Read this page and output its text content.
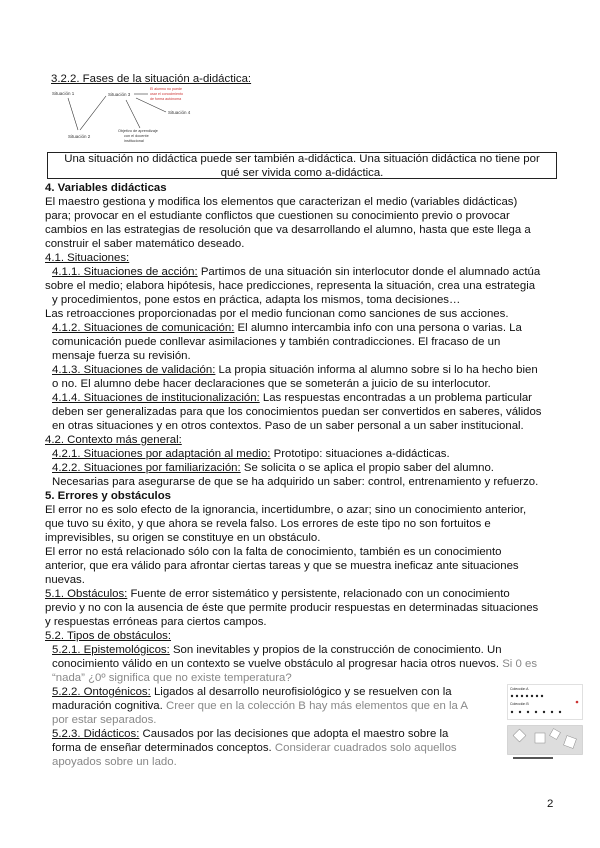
3.2.2. Fases de la situación a-didáctica:
Situación 1	Situación 3
Situación 2
Situación 4
El alumno no puede
usar el conocimiento
de forma autónoma
Objetivo de aprendizaje
con el docente
institucional
Una situación no didáctica puede ser también a-didáctica. Una situación didáctica no tiene por
qué ser vivida como a-didáctica.
4. Variables didácticas
El maestro gestiona y modifica los elementos que caracterizan el medio (variables didácticas)
para; provocar en el estudiante conflictos que cuestionen su conocimiento previo o provocar
cambios en las estrategias de resolución que va desarrollando el alumno, hasta que este llega a
construir el saber matemático deseado.
4.1. Situaciones:
4.1.1. Situaciones de acción: Partimos de una situación sin interlocutor donde el alumnado actúa
sobre el medio; elabora hipótesis, hace predicciones, representa la situación, crea una estrategia
y procedimientos, pone estos en práctica, adapta los mismos, toma decisiones…
Las retroacciones proporcionadas por el medio funcionan como sanciones de sus acciones.
4.1.2. Situaciones de comunicación: El alumno intercambia info con una persona o varias. La
comunicación puede conllevar asimilaciones y también contradicciones. El fracaso de un
mensaje fuerza su revisión.
4.1.3. Situaciones de validación: La propia situación informa al alumno sobre si lo ha hecho bien
o no. El alumno debe hacer declaraciones que se someterán a juicio de su interlocutor.
4.1.4. Situaciones de institucionalización: Las respuestas encontradas a un problema particular
deben ser generalizadas para que los conocimientos puedan ser convertidos en saberes, válidos
en otras situaciones y en otros contextos. Paso de un saber personal a un saber institucional.
4.2. Contexto más general:
4.2.1. Situaciones por adaptación al medio: Prototipo: situaciones a-didácticas.
4.2.2. Situaciones por familiarización: Se solicita o se aplica el propio saber del alumno.
Necesarias para asegurarse de que se ha adquirido un saber: control, entrenamiento y refuerzo.
5. Errores y obstáculos
El error no es solo efecto de la ignorancia, incertidumbre, o azar; sino un conocimiento anterior,
que tuvo su éxito, y que ahora se revela falso. Los errores de este tipo no son fortuitos e
imprevisibles, su origen se constituye en un obstáculo.
El error no está relacionado sólo con la falta de conocimiento, también es un conocimiento
anterior, que era válido para afrontar ciertas tareas y que se muestra ineficaz ante situaciones
nuevas.
5.1. Obstáculos: Fuente de error sistemático y persistente, relacionado con un conocimiento
previo y no con la ausencia de éste que permite producir respuestas en determinadas situaciones
y respuestas erróneas para ciertos campos.
5.2. Tipos de obstáculos:
5.2.1. Epistemológicos: Son inevitables y propios de la construcción de conocimiento. Un
conocimiento válido en un contexto se vuelve obstáculo al progresar hacia otros nuevos. Si 0 es
“nada” ¿0º significa que no existe temperatura?
5.2.2. Ontogénicos: Ligados al desarrollo neurofisiológico y se resuelven con la
maduración cognitiva. Creer que en la colección B hay más elementos que en la A
por estar separados.
5.2.3. Didácticos: Causados por las decisiones que adopta el maestro sobre la
forma de enseñar determinados conceptos. Considerar cuadrados solo aquellos
apoyados sobre un lado.
Colección A
Colección B
2
